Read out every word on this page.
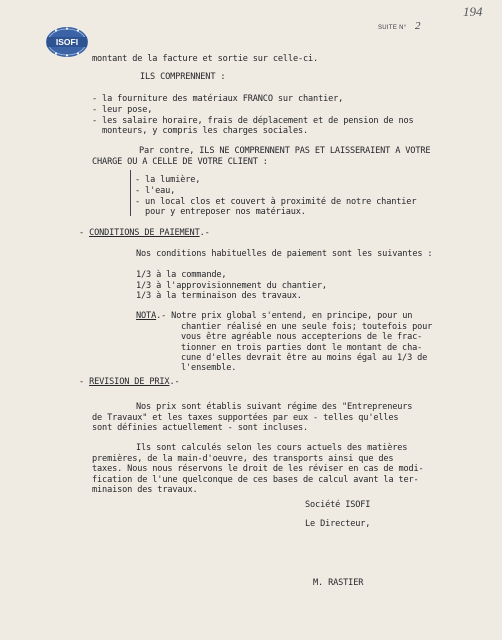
ISOFI
SUITE N° 2
194
montant de la facture et sortie sur celle-ci.
ILS COMPRENNENT :
- la fourniture des matériaux FRANCO sur chantier,
- leur pose,
- les salaire horaire, frais de déplacement et de pension de nos
monteurs, y compris les charges sociales.
Par contre, ILS NE COMPRENNENT PAS ET LAISSERAIENT A VOTRE
CHARGE OU A CELLE DE VOTRE CLIENT :
- la lumière,
- l'eau,
- un local clos et couvert à proximité de notre chantier
pour y entreposer nos matériaux.
- CONDITIONS DE PAIEMENT.-
Nos conditions habituelles de paiement sont les suivantes :
1/3 à la commande,
1/3 à l'approvisionnement du chantier,
1/3 à la terminaison des travaux.
NOTA.- Notre prix global s'entend, en principe, pour un
chantier réalisé en une seule fois; toutefois pour
vous être agréable nous accepterions de le frac-
tionner en trois parties dont le montant de cha-
cune d'elles devrait être au moins égal au 1/3 de
l'ensemble.
- REVISION DE PRIX.-
Nos prix sont établis suivant régime des "Entrepreneurs
de Travaux" et les taxes supportées par eux - telles qu'elles
sont définies actuellement - sont incluses.
Ils sont calculés selon les cours actuels des matières
premières, de la main-d'oeuvre, des transports ainsi que des
taxes. Nous nous réservons le droit de les réviser en cas de modi-
fication de l'une quelconque de ces bases de calcul avant la ter-
minaison des travaux.
Société ISOFI
Le Directeur,
M. RASTIER
